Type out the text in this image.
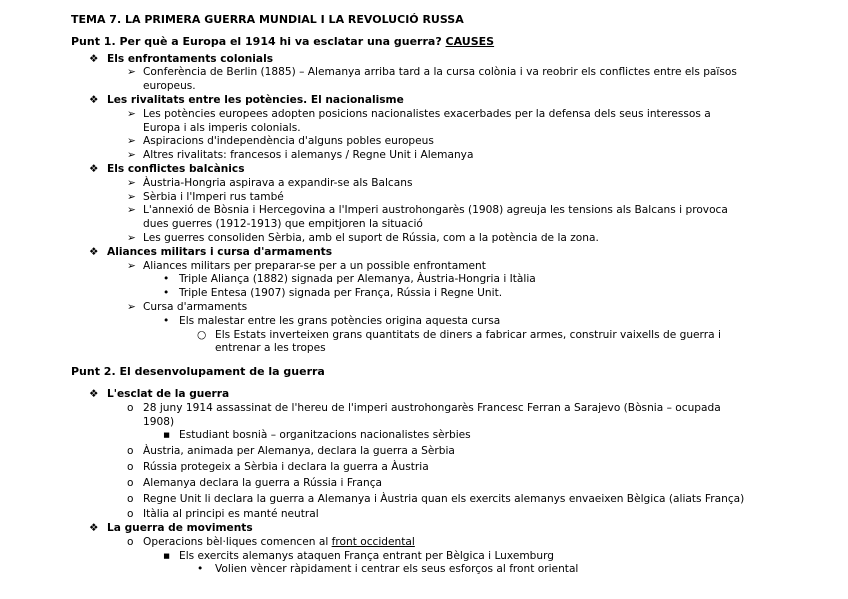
TEMA 7. LA PRIMERA GUERRA MUNDIAL I LA REVOLUCIÓ RUSSA
Punt 1. Per què a Europa el 1914 hi va esclatar una guerra? CAUSES
❖ Els enfrontaments colonials
➢ Conferència de Berlin (1885) – Alemanya arriba tard a la cursa colònia i va reobrir els conflictes entre els països
europeus.
❖ Les rivalitats entre les potències. El nacionalisme
➢ Les potències europees adopten posicions nacionalistes exacerbades per la defensa dels seus interessos a
Europa i als imperis colonials.
➢ Aspiracions d'independència d'alguns pobles europeus
➢ Altres rivalitats: francesos i alemanys / Regne Unit i Alemanya
❖ Els conflictes balcànics
➢ Àustria-Hongria aspirava a expandir-se als Balcans
➢ Sèrbia i l'Imperi rus també
➢ L'annexió de Bòsnia i Hercegovina a l'Imperi austrohongarès (1908) agreuja les tensions als Balcans i provoca
dues guerres (1912-1913) que empitjoren la situació
➢ Les guerres consoliden Sèrbia, amb el suport de Rússia, com a la potència de la zona.
❖ Aliances militars i cursa d'armaments
➢ Aliances militars per preparar-se per a un possible enfrontament
• Triple Aliança (1882) signada per Alemanya, Àustria-Hongria i Itàlia
• Triple Entesa (1907) signada per França, Rússia i Regne Unit.
➢ Cursa d'armaments
• Els malestar entre les grans potències origina aquesta cursa
○ Els Estats inverteixen grans quantitats de diners a fabricar armes, construir vaixells de guerra i
entrenar a les tropes
Punt 2. El desenvolupament de la guerra
❖ L'esclat de la guerra
o 28 juny 1914 assassinat de l'hereu de l'imperi austrohongarès Francesc Ferran a Sarajevo (Bòsnia – ocupada
1908)
▪ Estudiant bosnià – organitzacions nacionalistes sèrbies
o Àustria, animada per Alemanya, declara la guerra a Sèrbia
o Rússia protegeix a Sèrbia i declara la guerra a Àustria
o Alemanya declara la guerra a Rússia i França
o Regne Unit li declara la guerra a Alemanya i Àustria quan els exercits alemanys envaeixen Bèlgica (aliats França)
o Itàlia al principi es manté neutral
❖ La guerra de moviments
o Operacions bèl·liques comencen al front occidental
▪ Els exercits alemanys ataquen França entrant per Bèlgica i Luxemburg
• Volien vèncer ràpidament i centrar els seus esforços al front oriental
